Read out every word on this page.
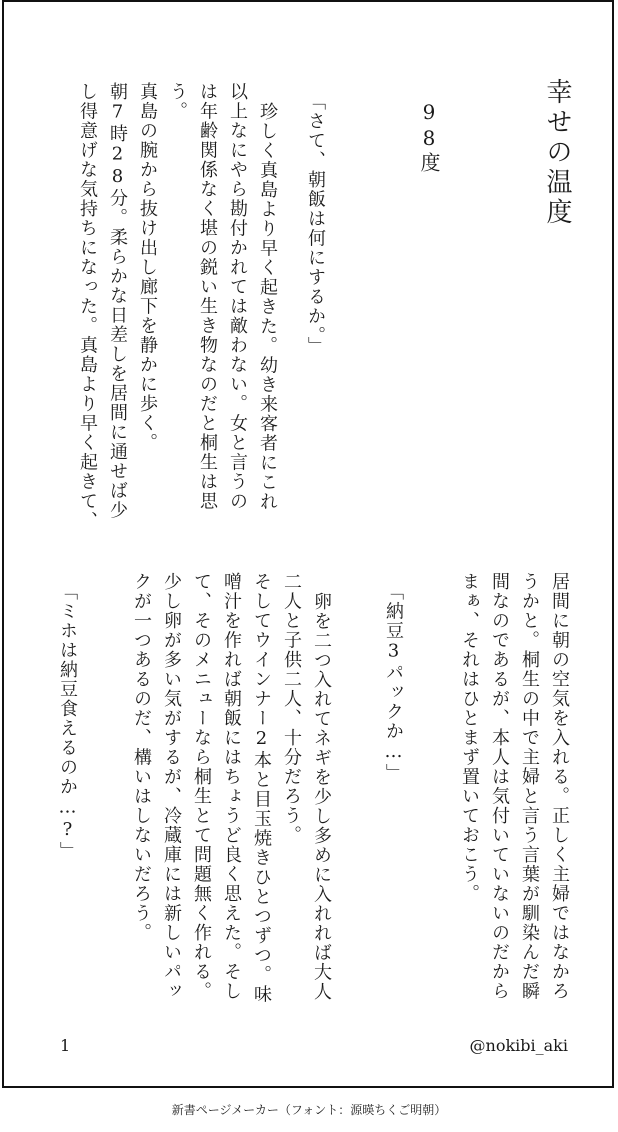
幸せの温度
98度
「さて、朝飯は何にするか。」
珍しく真島より早く起きた。幼き来客者にこれ
以上なにやら勘付かれては敵わない。女と言うの
は年齢関係なく堪の鋭い生き物なのだと桐生は思
う。
真島の腕から抜け出し廊下を静かに歩く。
朝7時28分。柔らかな日差しを居間に通せば少
し得意げな気持ちになった。真島より早く起きて、
居間に朝の空気を入れる。正しく主婦ではなかろ
うかと。桐生の中で主婦と言う言葉が馴染んだ瞬
間なのであるが、本人は気付いていないのだから
まぁ、それはひとまず置いておこう。
「納豆3パックか…」
卵を二つ入れてネギを少し多めに入れれば大人
二人と子供二人、十分だろう。
そしてウインナー2本と目玉焼きひとつずつ。味
噌汁を作れば朝飯にはちょうど良く思えた。そし
て、そのメニューなら桐生とて問題無く作れる。
少し卵が多い気がするが、冷蔵庫には新しいパッ
クが一つあるのだ、構いはしないだろう。
「ミホは納豆食えるのか…?」
1	@nokibi_aki
新書ページメーカー（フォント：源暎ちくご明朝）
